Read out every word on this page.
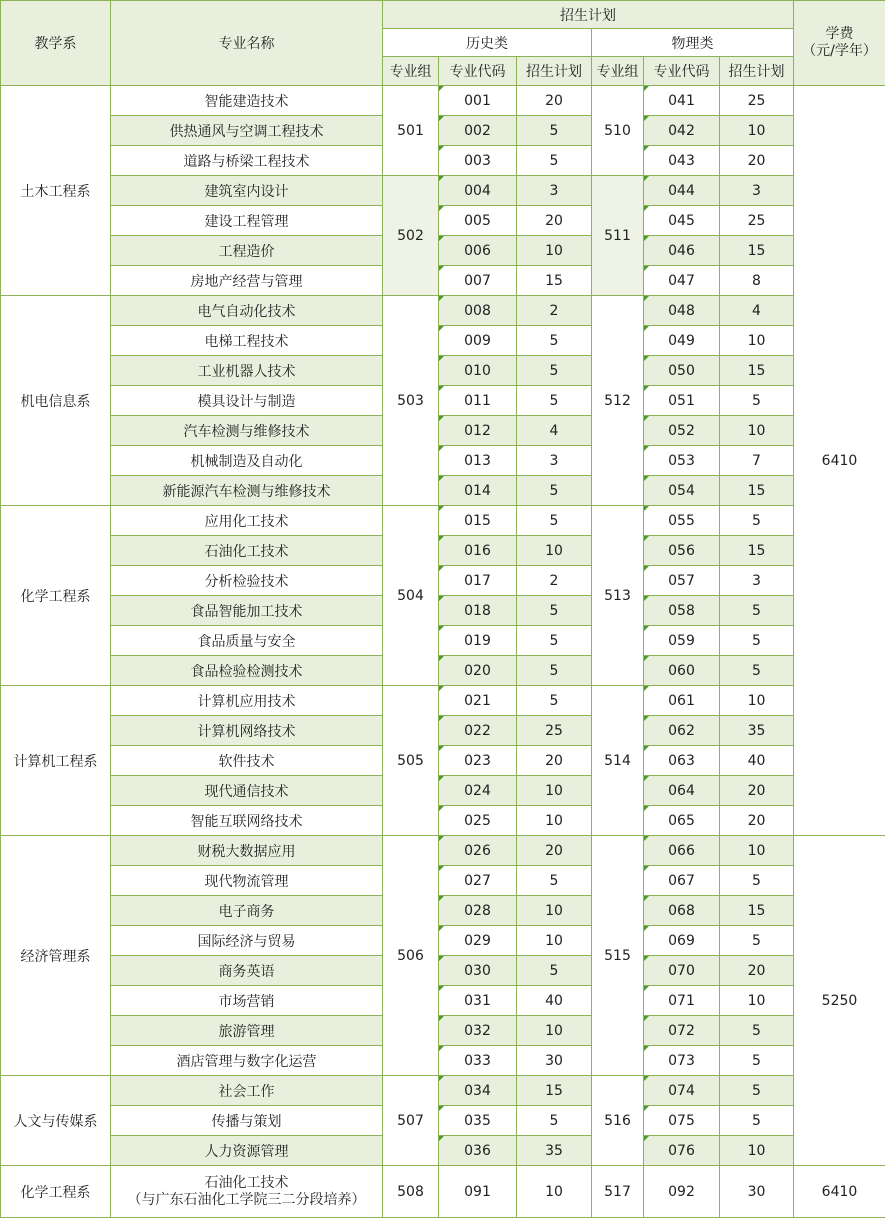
教学系	专业名称	招生计划						学费
（元/学年）
		历史类			物理类			
		专业组	专业代码	招生计划	专业组	专业代码	招生计划	
土木工程系	智能建造技术	501	001	20	510	041	25	6410
	供热通风与空调工程技术		002	5		042	10	
	道路与桥梁工程技术		003	5		043	20	
	建筑室内设计	502	004	3	511	044	3	
	建设工程管理		005	20		045	25	
	工程造价		006	10		046	15	
	房地产经营与管理		007	15		047	8	
机电信息系	电气自动化技术	503	008	2	512	048	4	
	电梯工程技术		009	5		049	10	
	工业机器人技术		010	5		050	15	
	模具设计与制造		011	5		051	5	
	汽车检测与维修技术		012	4		052	10	
	机械制造及自动化		013	3		053	7	
	新能源汽车检测与维修技术		014	5		054	15	
化学工程系	应用化工技术	504	015	5	513	055	5	
	石油化工技术		016	10		056	15	
	分析检验技术		017	2		057	3	
	食品智能加工技术		018	5		058	5	
	食品质量与安全		019	5		059	5	
	食品检验检测技术		020	5		060	5	
计算机工程系	计算机应用技术	505	021	5	514	061	10	
	计算机网络技术		022	25		062	35	
	软件技术		023	20		063	40	
	现代通信技术		024	10		064	20	
	智能互联网络技术		025	10		065	20	
经济管理系	财税大数据应用	506	026	20	515	066	10	5250
	现代物流管理		027	5		067	5	
	电子商务		028	10		068	15	
	国际经济与贸易		029	10		069	5	
	商务英语		030	5		070	20	
	市场营销		031	40		071	10	
	旅游管理		032	10		072	5	
	酒店管理与数字化运营		033	30		073	5	
人文与传媒系	社会工作	507	034	15	516	074	5	
	传播与策划		035	5		075	5	
	人力资源管理		036	35		076	10	
化学工程系	石油化工技术
（与广东石油化工学院三二分段培养）	508	091	10	517	092	30	6410
